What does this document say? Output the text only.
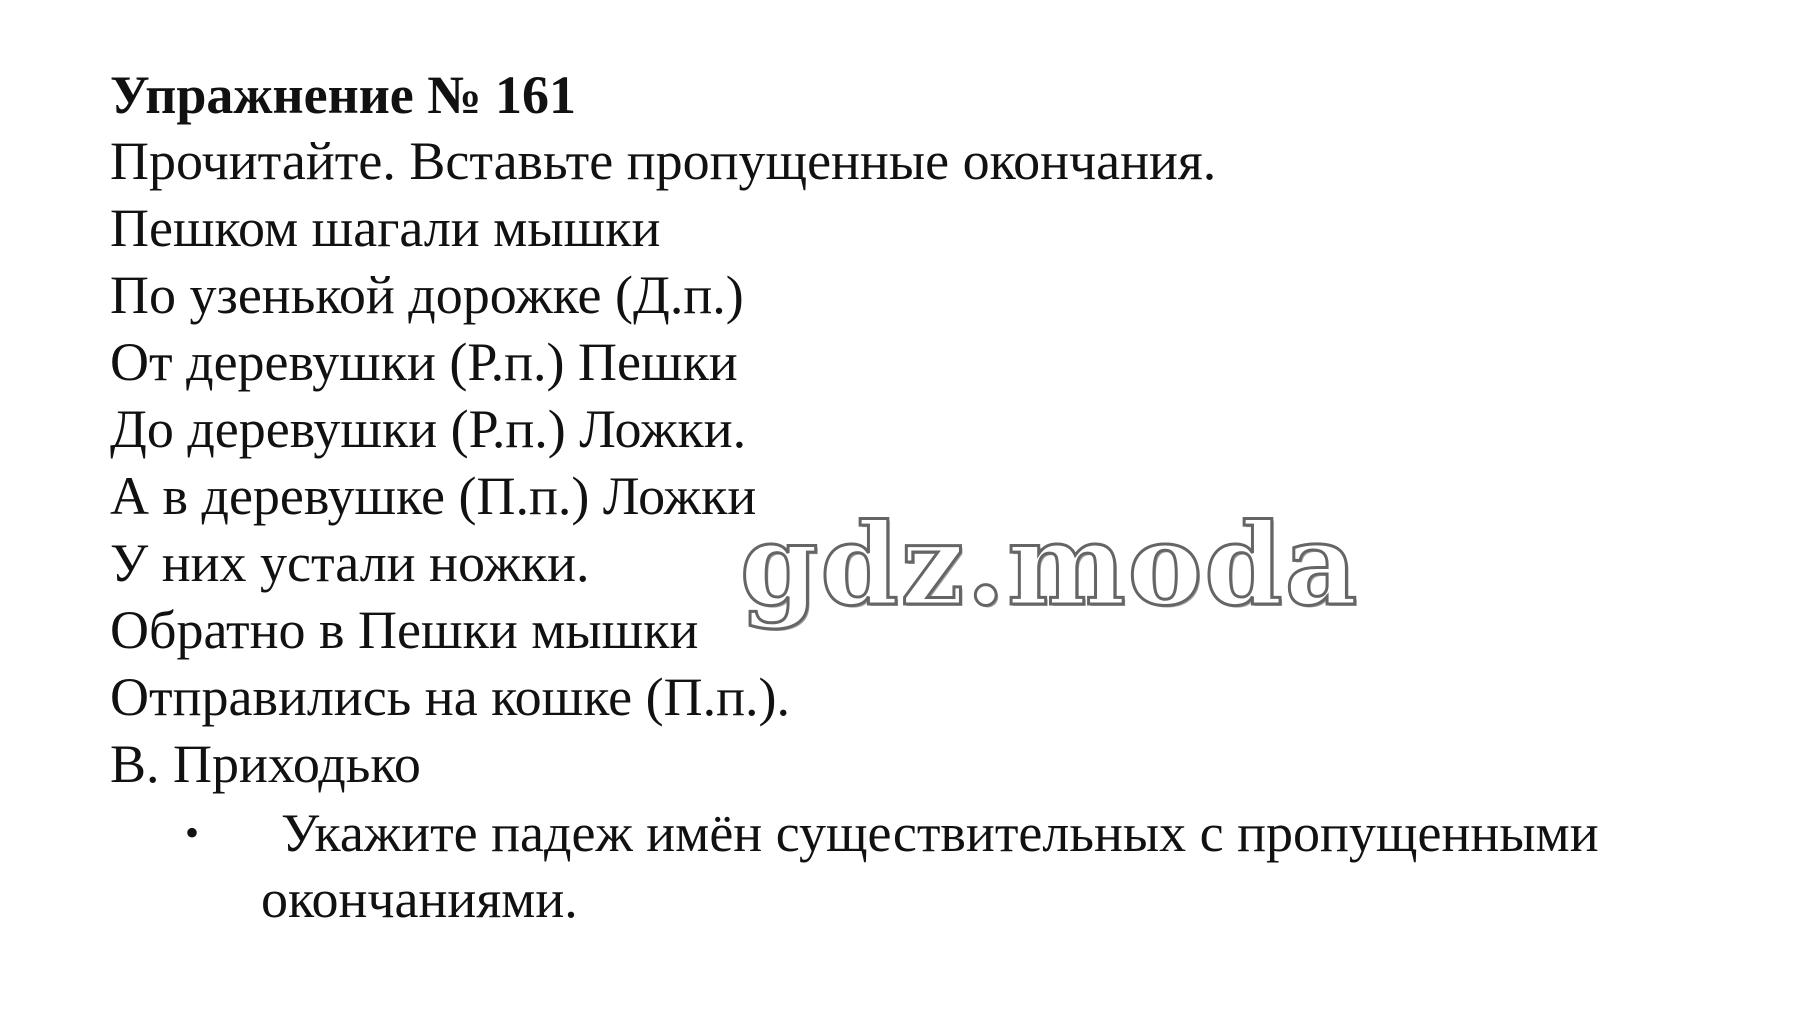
Упражнение № 161
Прочитайте. Вставьте пропущенные окончания.
Пешком шагали мышки
По узенькой дорожке (Д.п.)
От деревушки (Р.п.) Пешки
До деревушки (Р.п.) Ложки.
А в деревушке (П.п.) Ложки
У них устали ножки.
Обратно в Пешки мышки
Отправились на кошке (П.п.).
В. Приходько
•	Укажите падеж имён существительных с пропущенными окончаниями.
gdz.moda
